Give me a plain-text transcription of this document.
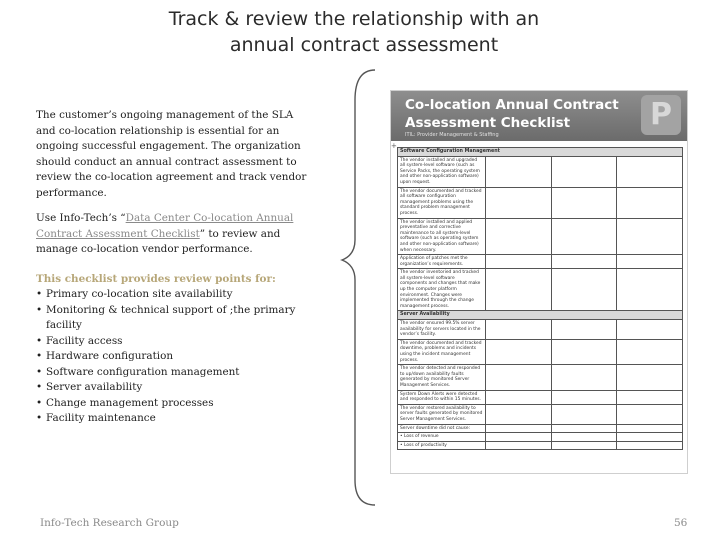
Track & review the relationship with an
annual contract assessment

The customer’s ongoing management of the SLA and co-location relationship is essential for an ongoing successful engagement. The organization should conduct an annual contract assessment to review the co-location agreement and track vendor performance.

Use Info-Tech’s “Data Center Co-location Annual Contract Assessment Checklist” to review and manage co-location vendor performance.

This checklist provides review points for:

• Primary co-location site availability
• Monitoring & technical support of ;the primary facility
• Facility access
• Hardware configuration
• Software configuration management
• Server availability
• Change management processes
• Facility maintenance
Co-location Annual Contract
Assessment Checklist
ITIL: Provider Management & Staffing
P
+
Software Configuration Management			
The vendor installed and upgraded all system-level software (such as Service Packs, the operating system and other non-application software) upon request.			
The vendor documented and tracked all software configuration management problems using the standard problem management process.			
The vendor installed and applied preventative and corrective maintenance to all system-level software (such as operating system and other non-application software) when necessary.			
Application of patches met the organization’s requirements.			
The vendor inventoried and tracked all system-level software components and changes that make up the computer platform environment. Changes were implemented through the change management process.			
Server Availability			
The vendor ensured 99.5% server availability for servers located in the vendor’s facility.			
The vendor documented and tracked downtime, problems and incidents using the incident management process.			
The vendor detected and responded to up/down availability faults generated by monitored Server Management Services.			
System Down Alerts were detected and responded to within 15 minutes.			
The vendor restored availability to server faults generated by monitored Server Management Services.			
Server downtime did not cause:			
• Loss of revenue			
• Loss of productivity			
Info-Tech Research Group	56
